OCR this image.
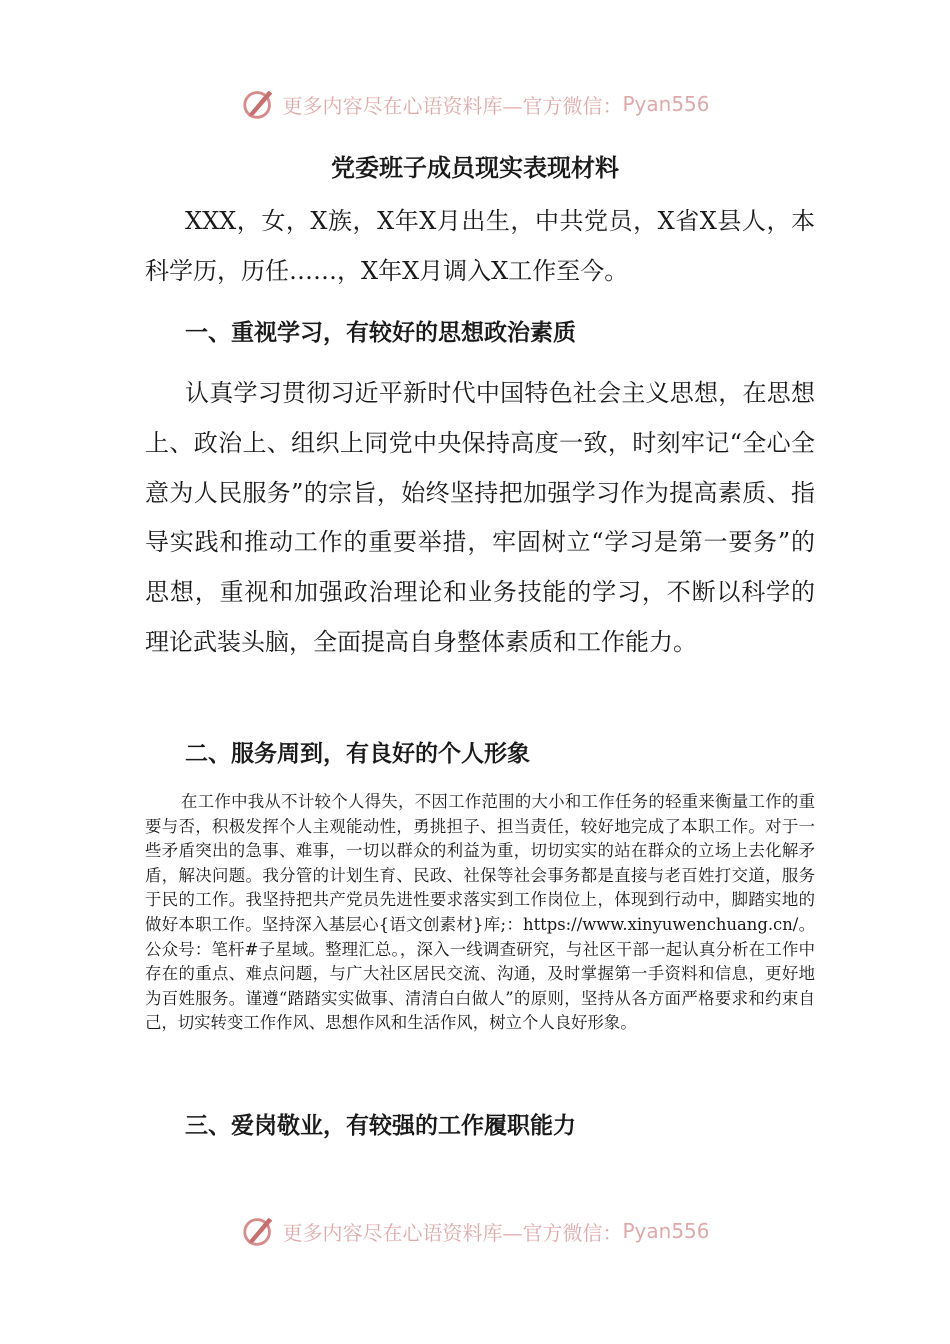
更多内容尽在心语资料库—官方微信： Pyan556
党委班子成员现实表现材料

XXX，女，X族，X年X月出生，中共党员，X省X县人，本科学历，历任……，X年X月调入X工作至今。

一、重视学习，有较好的思想政治素质

认真学习贯彻习近平新时代中国特色社会主义思想，在思想上、政治上、组织上同党中央保持高度一致，时刻牢记“全心全意为人民服务”的宗旨，始终坚持把加强学习作为提高素质、指导实践和推动工作的重要举措，牢固树立“学习是第一要务”的思想，重视和加强政治理论和业务技能的学习，不断以科学的理论武装头脑，全面提高自身整体素质和工作能力。

二、服务周到，有良好的个人形象

在工作中我从不计较个人得失，不因工作范围的大小和工作任务的轻重来衡量工作的重要与否，积极发挥个人主观能动性，勇挑担子、担当责任，较好地完成了本职工作。对于一些矛盾突出的急事、难事，一切以群众的利益为重，切切实实的站在群众的立场上去化解矛盾，解决问题。我分管的计划生育、民政、社保等社会事务都是直接与老百姓打交道，服务于民的工作。我坚持把共产党员先进性要求落实到工作岗位上，体现到行动中，脚踏实地的做好本职工作。坚持深入基层心{语文创素材}库;：https://www.xinyuwenchuang.cn/。公众号：笔杆#子星域。整理汇总。，深入一线调查研究，与社区干部一起认真分析在工作中存在的重点、难点问题，与广大社区居民交流、沟通，及时掌握第一手资料和信息，更好地为百姓服务。谨遵“踏踏实实做事、清清白白做人”的原则，坚持从各方面严格要求和约束自己，切实转变工作作风、思想作风和生活作风，树立个人良好形象。

三、爱岗敬业，有较强的工作履职能力
更多内容尽在心语资料库—官方微信： Pyan556
